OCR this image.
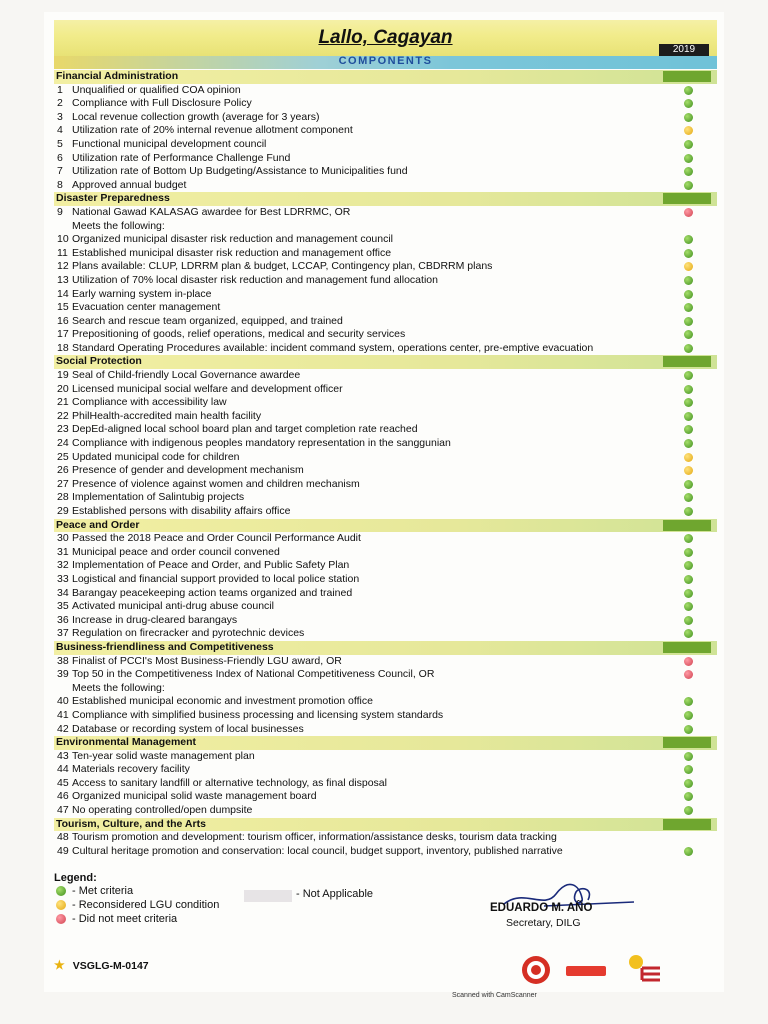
Lallo, Cagayan
2019
COMPONENTS
Financial Administration
1 Unqualified or qualified COA opinion
2 Compliance with Full Disclosure Policy
3 Local revenue collection growth (average for 3 years)
4 Utilization rate of 20% internal revenue allotment component
5 Functional municipal development council
6 Utilization rate of Performance Challenge Fund
7 Utilization rate of Bottom Up Budgeting/Assistance to Municipalities fund
8 Approved annual budget
Disaster Preparedness
9 National Gawad KALASAG awardee for Best LDRRMC, OR
Meets the following:
10 Organized municipal disaster risk reduction and management council
11 Established municipal disaster risk reduction and management office
12 Plans available: CLUP, LDRRM plan & budget, LCCAP, Contingency plan, CBDRRM plans
13 Utilization of 70% local disaster risk reduction and management fund allocation
14 Early warning system in-place
15 Evacuation center management
16 Search and rescue team organized, equipped, and trained
17 Prepositioning of goods, relief operations, medical and security services
18 Standard Operating Procedures available: incident command system, operations center, pre-emptive evacuation
Social Protection
19 Seal of Child-friendly Local Governance awardee
20 Licensed municipal social welfare and development officer
21 Compliance with accessibility law
22 PhilHealth-accredited main health facility
23 DepEd-aligned local school board plan and target completion rate reached
24 Compliance with indigenous peoples mandatory representation in the sanggunian
25 Updated municipal code for children
26 Presence of gender and development mechanism
27 Presence of violence against women and children mechanism
28 Implementation of Salintubig projects
29 Established persons with disability affairs office
Peace and Order
30 Passed the 2018 Peace and Order Council Performance Audit
31 Municipal peace and order council convened
32 Implementation of Peace and Order, and Public Safety Plan
33 Logistical and financial support provided to local police station
34 Barangay peacekeeping action teams organized and trained
35 Activated municipal anti-drug abuse council
36 Increase in drug-cleared barangays
37 Regulation on firecracker and pyrotechnic devices
Business-friendliness and Competitiveness
38 Finalist of PCCI's Most Business-Friendly LGU award, OR
39 Top 50 in the Competitiveness Index of National Competitiveness Council, OR
Meets the following:
40 Established municipal economic and investment promotion office
41 Compliance with simplified business processing and licensing system standards
42 Database or recording system of local businesses
Environmental Management
43 Ten-year solid waste management plan
44 Materials recovery facility
45 Access to sanitary landfill or alternative technology, as final disposal
46 Organized municipal solid waste management board
47 No operating controlled/open dumpsite
Tourism, Culture, and the Arts
48 Tourism promotion and development: tourism officer, information/assistance desks, tourism data tracking
49 Cultural heritage promotion and conservation: local council, budget support, inventory, published narrative
Legend:
- Met criteria
- Reconsidered LGU condition
- Did not meet criteria
- Not Applicable
EDUARDO M. AÑO
Secretary, DILG
★ VSGLG-M-0147
Scanned with CamScanner
